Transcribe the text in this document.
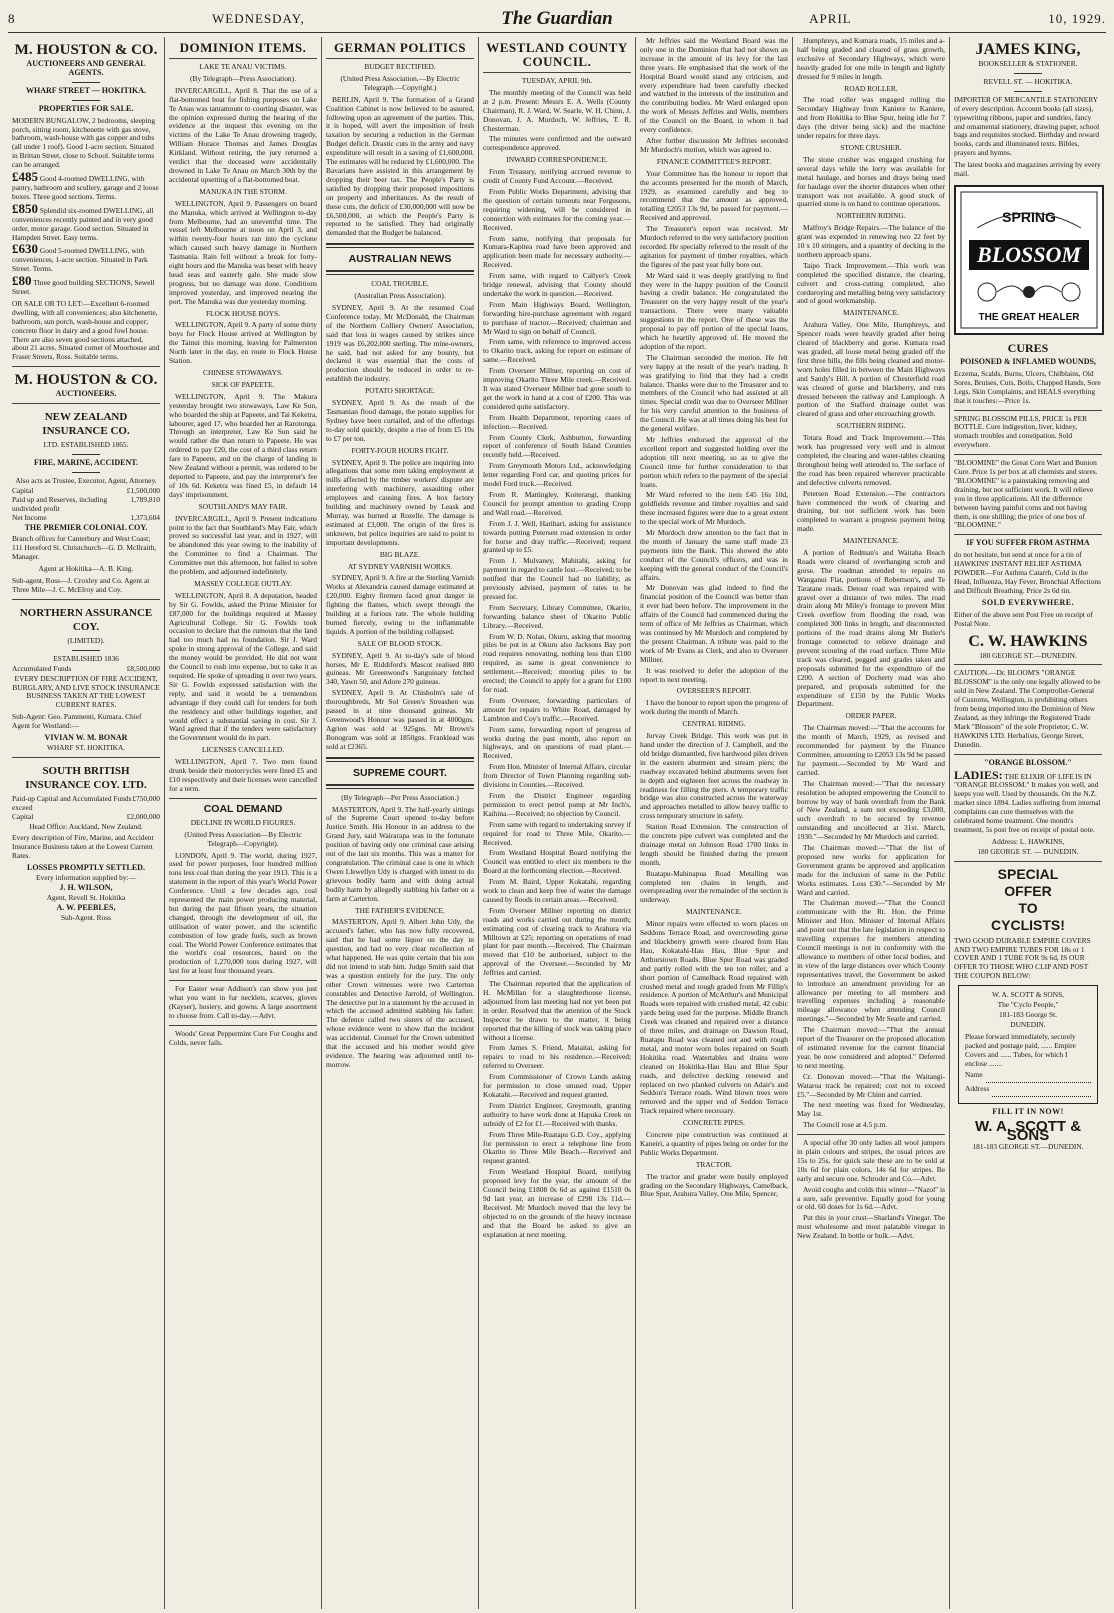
8	WEDNESDAY,	The Guardian	APRIL	10, 1929.
M. HOUSTON & CO.
AUCTIONEERS AND GENERAL AGENTS.
WHARF STREET — HOKITIKA.
PROPERTIES FOR SALE.

MODERN BUNGALOW, 2 bedrooms, sleeping porch, sitting room, kitchenette with gas stove, bathroom, wash-house with gas copper and tubs (all under 1 roof). Good 1-acre section. Situated in Brittan Street, close to School. Suitable terms can be arranged.

£485 Good 4-roomed DWELLING, with pantry, bathroom and scullery, garage and 2 loose boxes. Three good sections. Terms.

£850 Splendid six-roomed DWELLING, all conveniences recently painted and in very good order, motor garage. Good section. Situated in Hampden Street. Easy terms.

£630 Good 5-roomed DWELLING, with conveniences, 1-acre section. Situated in Park Street. Terms.

£80 Three good building SECTIONS, Sewell Street.

OR SALE OR TO LET:—Excellent 6-roomed dwelling, with all conveniences; also kitchenette, bathroom, sun porch, wash-house and copper; concrete floor in dairy and a good fowl house. There are also seven good sections attached, about 21 acres. Situated corner of Moorhouse and Fraser Streets, Ross. Suitable terms.

M. HOUSTON & CO.
AUCTIONEERS.
NEW ZEALAND INSURANCE CO.
LTD. ESTABLISHED 1865.
FIRE, MARINE, ACCIDENT.
Also acts as Trustee, Executor, Agent, Attorney.
Capital	£1,500,000
Paid up and Reserves, including undivided profit
1,789,810
Net Income	1,373,604
THE PREMIER COLONIAL COY.

Branch offices for Canterbury and West Coast; 111 Hereford St. Christchurch—G. D. McIlraith, Manager.

Agent at Hokitika—A. B. King.

Sub-agent, Ross—J. Croxley and Co. Agent at Three Mile—J. C. McElroy and Coy.

NORTHERN ASSURANCE COY.
(LIMITED).
ESTABLISHED 1836
Accumulated Funds	£8,500,000
EVERY DESCRIPTION OF FIRE ACCIDENT, BURGLARY, AND LIVE STOCK INSURANCE BUSINESS TAKEN AT THE LOWEST CURRENT RATES.

Sub-Agent: Geo. Pammenti, Kumara. Chief Agent for Westland:—

VIVIAN W. M. BONAR
WHARF ST. HOKITIKA.
SOUTH BRITISH INSURANCE COY. LTD.
Paid-up Capital and Accumulated Funds exceed
£750,000
Capital	£2,000,000
Head Office: Auckland, New Zealand.

Every description of Fire, Marine, and Accident Insurance Business taken at the Lowest Current Rates.

LOSSES PROMPTLY SETTLED.
Every information supplied by:—
J. H. WILSON,
Agent, Revell St. Hokitika
A. W. PEEBLES,
Sub-Agent. Ross
DOMINION ITEMS.
LAKE TE ANAU VICTIMS.
(By Telegraph—Press Association).

INVERCARGILL, April 8. That the use of a flat-bottomed boat for fishing purposes on Lake Te Anau was tantamount to courting disaster, was the opinion expressed during the hearing of the evidence at the inquest this evening on the victims of the Lake Te Anau drowning tragedy, William Horace Thomas and James Douglas Kirkland. Without retiring, the jury returned a verdict that the deceased were accidentally drowned in Lake Te Anau on March 30th by the accidental upsetting of a flat-bottomed boat.

MANUKA IN THE STORM.

WELLINGTON, April 9. Passengers on board the Manuka, which arrived at Wellington to-day from Melbourne, had an uneventful time. The vessel left Melbourne at noon on April 3, and within twenty-four hours ran into the cyclone which caused such heavy damage in Northern Tasmania. Rain fell without a break for forty-eight hours and the Manuka was beset with heavy head seas and easterly gale. She made slow progress, but no damage was done. Conditions improved yesterday, and improved nearing the port. The Manuka was due yesterday morning.

FLOCK HOUSE BOYS.

WELLINGTON, April 9. A party of some thirty boys for Flock House arrived at Wellington by the Tainui this morning, leaving for Palmerston North later in the day, en route to Flock House Station.

CHINESE STOWAWAYS.
SICK OF PAPEETE.

WELLINGTON, April 9. The Makura yesterday brought two stowaways, Law Ke Sun, who boarded the ship at Papeete, and Tai Keketra, labourer, aged 17, who boarded her at Rarotonga. Through an interpreter, Law Ke Sun said he would rather die than return to Papeete. He was ordered to pay £20, the cost of a third class return fare to Papeete, and on the charge of landing in New Zealand without a permit, was ordered to be deported to Papeete, and pay the interpreter's fee of 10s 6d. Keketra was fined £5, in default 14 days' imprisonment.

SOUTHLAND'S MAY FAIR.

INVERCARGILL, April 9. Present indications point to the fact that Southland's May Fair, which proved so successful last year, and in 1927, will be abandoned this year owing to the inability of the Committee to find a Chairman. The Committee met this afternoon, but failed to solve the problem, and adjourned indefinitely.

MASSEY COLLEGE OUTLAY.

WELLINGTON, April 8. A deputation, headed by Sir G. Fowlds, asked the Prime Minister for £87,000 for the buildings required at Massey Agricultural College. Sir G. Fowlds took occasion to declare that the rumours that the land had too much had no foundation. Sir J. Ward spoke in strong approval of the College, and said the money would be provided. He did not want the Council to rush into expense, but to take it as required. He spoke of spreading it over two years. Sir G. Fowlds expressed satisfaction with the reply, and said it would be a tremendous advantage if they could call for tenders for both the residency and other buildings together, and would effect a substantial saving in cost. Sir J. Ward agreed that if the tenders were satisfactory the Government would do its part.

LICENSES CANCELLED.

WELLINGTON, April 7. Two men found drunk beside their motorcycles were fined £5 and £10 respectively and their licenses were cancelled for a term.

COAL DEMAND
DECLINE IN WORLD FIGURES.
(United Press Association—By Electric Telegraph—Copyright).

LONDON, April 9. The world, during 1927, used for power purposes, four hundred million tons less coal than during the year 1913. This is a statement in the report of this year's World Power Conference. Until a few decades ago, coal represented the main power producing material, but during the past fifteen years, the situation changed, through the development of oil, the utilisation of water power, and the scientific combustion of low grade fuels, such as brown coal. The World Power Conference estimates that the world's coal resources, based on the production of 1,270,000 tons during 1927, will last for at least four thousand years.

For Easter wear Addison's can show you just what you want in fur necklets, scarves, gloves (Kayser), hosiery, and gowns. A large assortment to choose from. Call to-day.—Advt.

Woods' Great Peppermint Cure For Coughs and Colds, never fails.

GERMAN POLITICS
BUDGET RECTIFIED.
(United Press Association.—By Electric Telegraph.—Copyright.)

BERLIN, April 9. The formation of a Grand Coalition Cabinet is now believed to be assured, following upon an agreement of the parties. This, it is hoped, will avert the imposition of fresh taxation by securing a reduction in the German Budget deficit. Drastic cuts in the army and navy expenditure will result in a saving of £1,600,000. The estimates will be reduced by £1,600,000. The Bavarians have assisted in this arrangement by dropping their beer tax. The People's Party is satisfied by dropping their proposed impositions on property and inheritances. As the result of these cuts, the deficit of £30,000,000 will now be £6,500,000, at which the People's Party is reported to be satisfied. They had originally demanded that the Budget be balanced.

AUSTRALIAN NEWS
COAL TROUBLE.
(Australian Press Association).

SYDNEY, April 9. At the resumed Coal Conference today, Mr McDonald, the Chairman of the Northern Colliery Owners' Association, said that loss in wages caused by strikes since 1919 was £6,202,000 sterling. The mine-owners, he said, had not asked for any bounty, but declared it was essential that the costs of production should be reduced in order to re-establish the industry.

POTATO SHORTAGE.

SYDNEY, April 9. As the result of the Tasmanian flood damage, the potato supplies for Sydney have been curtailed, and of the offerings to-day sold quickly, despite a rise of from £5 10s to £7 per ton.

FORTY-FOUR HOURS FIGHT.

SYDNEY, April 9. The police are inquiring into allegations that some men taking employment at mills affected by the timber workers' dispute are interfering with machinery, assaulting other employees and causing fires. A box factory building and machinery owned by Leask and Murray, was burned at Rozelle. The damage is estimated at £3,000. The origin of the fires is unknown, but police inquiries are said to point to important developments.

BIG BLAZE.
AT SYDNEY VARNISH WORKS.

SYDNEY, April 9. A fire at the Sterling Varnish Works at Alexandria caused damage estimated at £20,000. Eighty firemen faced great danger in fighting the flames, which swept through the building at a furious rate. The whole building burned fiercely, owing to the inflammable liquids. A portion of the building collapsed.

SALE OF BLOOD STOCK.

SYDNEY, April 9. At to-day's sale of blood horses, Mr E. Riddiford's Mascot realised 880 guineas. Mr Greenwood's Sanguinary fetched 340, Yawn 50, and Adore 270 guineas.

SYDNEY, April 9. At Chisholm's sale of thoroughbreds, Mr Sol Green's Streashen was passed in at nine thousand guineas. Mr Greenwood's Honour was passed in at 4000gns. Agrion was sold at 925gns. Mr Brown's Bonogram was sold at 1850gns. Franklead was sold at £2365.

SUPREME COURT.
(By Telegraph—Per Press Association.)

MASTERTON, April 9. The half-yearly sittings of the Supreme Court opened to-day before Justice Smith. His Honour in an address to the Grand Jury, said Wairarapa was in the fortunate position of having only one criminal case arising out of the last six months. This was a matter for congratulation. The criminal case is one in which Owen Llewellyn Udy is charged with intent to do grievous bodily harm and with doing actual bodily harm by allegedly stabbing his father on a farm at Carterton.

THE FATHER'S EVIDENCE.

MASTERTON, April 9. Albert John Udy, the accused's father, who has now fully recovered, said that he had some liquor on the day in question, and had no very clear recollection of what happened. He was quite certain that his son did not intend to stab him. Judge Smith said that was a question entirely for the jury. The only other Crown witnesses were two Carterton constables and Detective Jarrold, of Wellington. The detective put in a statement by the accused in which the accused admitted stabbing his father. The defence called two sisters of the accused, whose evidence went to show that the incident was accidental. Counsel for the Crown submitted that the accused and his mother would give evidence. The hearing was adjourned until to-morrow.

WESTLAND COUNTY COUNCIL.
TUESDAY, APRIL 9th.

The monthly meeting of the Council was held at 2 p.m. Present: Messrs E. A. Wells (County Chairman), R. J. Ward, W. Searle, W. H. Chinn, J. Donovan, J. A. Murdoch, W. Jeffries, T. R. Chesterman.

The minutes were confirmed and the outward correspondence approved.

INWARD CORRESPONDENCE.

From Treasury, notifying accrued revenue to credit of County Fund Account.—Received.

From Public Works Department, advising that the question of certain turnouts near Fergusons, requiring widening, will be considered in connection with estimates for the coming year.—Received.

From same, notifying that proposals for Kumara-Kapitea road have been approved and application been made for necessary authority.—Received.

From same, with regard to Callyer's Creek bridge renewal, advising that County should undertake the work in question.—Received.

From Main Highways Board, Wellington, forwarding hire-purchase agreement with regard to purchase of tractor.—Received; chairman and Mr Ward to sign on behalf of Council.

From same, with reference to improved access to Okarito track, asking for report on estimate of same.—Received.

From Overseer Millner, reporting on cost of improving Okarito Three Mile creek.—Received. It was stated Overseer Millner had gone south to get the work in hand at a cost of £200. This was considered quite satisfactory.

From Health Department, reporting cases of infection.—Received.

From County Clerk, Ashburton, forwarding report of conference of South Island Counties recently held.—Received.

From Greymouth Motors Ltd., acknowledging letter regarding Ford car, and quoting prices for model Ford truck.—Received.

From R. Mattingley, Koiterangi, thanking Council for prompt attention to grading Cropp and Wall road.—Received.

From J. J. Well, Harihari, asking for assistance towards putting Petersen road extension in order for horse and dray traffic.—Received; request granted up to £5.

From J. Mulvaney, Mahitahi, asking for payment in regard to cattle lost.—Received; to be notified that the Council had no liability, as previously advised, payment of rates to be pressed for.

From Secretary, Library Committee, Okarito, forwarding balance sheet of Okarito Public Library.—Received.

From W. D. Nolan, Okuru, asking that mooring piles be put in at Okuru also Jacksons Bay port road requires renovating, nothing less than £100 required, as same is great convenience to settlement.—Received; mooring piles to be erected; the Council to apply for a grant for £100 for road.

From Overseer, forwarding particulars of amount for repairs to White Road, damaged by Lambton and Coy's traffic.—Received.

From same, forwarding report of progress of works during the past month, also report on highways, and on questions of road plant.—Received.

From Hon. Minister of Internal Affairs, circular from Director of Town Planning regarding sub-divisions in Counties.—Received.

From the District Engineer regarding permission to erect petrol pump at Mr Inch's, Kaihina.—Received; no objection by Council.

From same with regard to undertaking survey if required for road to Three Mile, Okarito.—Received.

From Westland Hospital Board notifying the Council was entitled to elect six members to the Board at the forthcoming election.—Received.

From M. Baird, Upper Kokatahi, regarding work to clean and keep free of water the damage caused by floods in certain areas.—Received.

From Overseer Millner reporting on district roads and works carried out during the month; estimating cost of clearing track to Arahura via Milltown at £25; reporting on operations of road plant for past month.—Received. The Chairman moved that £10 be authorised, subject to the approval of the Overseer.—Seconded by Mr Jeffries and carried.

The Chairman reported that the application of H. McMillan for a slaughterhouse license, adjourned from last meeting had not yet been put in order. Resolved that the attention of the Stock Inspector be drawn to the matter, it being reported that the killing of stock was taking place without a license.

From James S. Friend, Mataitai, asking for repairs to road to his residence.—Received; referred to Overseer.

From Commissioner of Crown Lands asking for permission to close unused road, Upper Kokatahi.—Received and request granted.

From District Engineer, Greymouth, granting authority to have work done at Hapuka Creek on subsidy of £2 for £1.—Received with thanks.

From Three Mile-Ruatapu G.D. Coy., applying for permission to erect a telephone line from Okarito to Three Mile Beach.—Received and request granted.

From Westland Hospital Board, notifying proposed levy for the year, the amount of the Council being £1808 0s 6d as against £1510 0s 9d last year, an increase of £298 13s 11d.—Received. Mr Murdoch moved that the levy be objected to on the grounds of the heavy increase and that the Board be asked to give an explanation at next meeting.

Mr Jeffries said the Westland Board was the only one in the Dominion that had not shown an increase in the amount of its levy for the last three years. He emphasised that the work of the Hospital Board would stand any criticism, and every expenditure had been carefully checked and watched in the interests of the institution and the contributing bodies. Mr Ward enlarged upon the work of Messrs Jeffries and Wells, members of the Council on the Board, in whom it had every confidence.

After further discussion Mr Jeffries seconded Mr Murdoch's motion, which was agreed to.

FINANCE COMMITTEE'S REPORT.

Your Committee has the honour to report that the accounts presented for the month of March, 1929, as examined carefully and beg to recommend that the amount as approved, totalling £2053 13s 9d, be passed for payment.—Received and approved.

The Treasurer's report was received. Mr Murdoch referred to the very satisfactory position recorded. He specially referred to the result of the agitation for payment of timber royalties, which the figures of the past year fully bore out.

Mr Ward said it was deeply gratifying to find they were in the happy position of the Council having a credit balance. He congratulated the Treasurer on the very happy result of the year's transactions. There were many valuable suggestions in the report. One of these was the proposal to pay off portion of the special loans, which he heartily approved of. He moved the adoption of the report.

The Chairman seconded the motion. He felt very happy at the result of the year's trading. It was gratifying to find that they had a credit balance. Thanks were due to the Treasurer and to members of the Council who had assisted at all times. Special credit was due to Overseer Millner for his very careful attention to the business of the Council. He was at all times doing his best for the general welfare.

Mr Jeffries endorsed the approval of the excellent report and suggested holding over the adoption till next meeting, so as to give the Council time for further consideration to that portion which refers to the payment of the special loans.

Mr Ward referred to the item £45 16s 10d, goldfields revenue and timber royalties and said these increased figures were due to a great extent to the special work of Mr Murdoch.

Mr Murdoch drew attention to the fact that in the month of January the same staff made 23 payments into the Bank. This showed the able conduct of the Council's officers, and was in keeping with the general conduct of the Council's affairs.

Mr Donovan was glad indeed to find the financial position of the Council was better than it ever had been before. The improvement in the affairs of the Council had commenced during the term of office of Mr Jeffries as Chairman, which was continued by Mr Murdoch and completed by the present Chairman. A tribute was paid to the work of Mr Evans as Clerk, and also to Overseer Millner.

It was resolved to defer the adoption of the report to next meeting.

OVERSEER'S REPORT.

I have the honour to report upon the progress of work during the month of March.

CENTRAL RIDING.

Jurvay Creek Bridge. This work was put in hand under the direction of J. Campbell, and the old bridge dismantled, five hardwood piles driven in the eastern abutment and stream piers; the roadway excavated behind abutments seven feet in depth and eighteen feet across the roadway in readiness for filling the piers. A temporary traffic bridge was also constructed across the waterway and approaches metalled to allow heavy traffic to cross temporary structure in safety.

Station Road Extension. The construction of the concrete pipe culvert was completed and the drainage metal on Johnson Road 1700 links in length should be finished during the present month.

Ruatapu-Mahinapua Road Metalling was completed ten chains in length, and overspreading over the remainder of the section is underway.

MAINTENANCE.

Minor repairs were effected to worn places on Seddons Terrace Road, and overcrowding gorse and blackberry growth were cleared from Hau Hau, Kokatahi-Hau Hau, Blue Spur and Arthurstown Roads. Blue Spur Road was graded and partly rolled with the ten ton roller, and a short portion of Camelback Road repaired with crushed metal and rough graded from Mr Fillip's residence. A portion of McArthur's and Municipal Roads were repaired with crushed metal, 42 cubic yards being used for the purpose. Middle Branch Creek was cleaned and repaired over a distance of three miles, and drainage on Dawson Road, Ruatapu Road was cleaned out and with rough metal, and motor worn holes repaired on South Hokitika road. Watertables and drains were cleaned on Hokitika-Hau Hau and Blue Spur roads, and defective decking renewed and replaced on two planked culverts on Adair's and Seddon's Terrace roads. Wind blown trees were removed and the upper end of Seddon Terrace Track repaired where necessary.

CONCRETE PIPES.

Concrete pipe construction was continued at Kaneiri, a quantity of pipes being on order for the Public Works Department.

TRACTOR.

The tractor and grader were busily employed grading on the Secondary Highways, Camelback, Blue Spur, Arahura Valley, One Mile, Spencer,

Humphreys, and Kumara roads, 15 miles and a-half being graded and cleared of grass growth, exclusive of Secondary Highways, which were heavily graded for one mile in length and lightly dressed for 9 miles in length.

ROAD ROLLER.

The road roller was engaged rolling the Secondary Highway from Kaniere to Kaniere, and from Hokitika to Blue Spur, being idle for 7 days (the driver being sick) and the machine under repairs for three days.

STONE CRUSHER.

The stone crusher was engaged crushing for several days while the lorry was available for metal haulage, and horses and drays being used for haulage over the shorter distances when other transport was not available. A good stock of quarried stone is on hand to continue operations.

NORTHERN RIDING.

Malfroy's Bridge Repairs.—The balance of the grant was expended in renewing two 22 feet by 10 x 10 stringers, and a quantity of decking in the northern approach spans.

Taipo Track Improvement.—This work was completed the specified distance, the clearing, culvert and cross-cutting completed, also corduroying and metalling being very satisfactory and of good workmanship.

MAINTENANCE.

Arahura Valley, One Mile, Humphreys, and Spencer roads were heavily graded after being cleared of blackberry and gorse. Kumara road was graded, all loose metal being graded off the first three hills, the fills being cleaned and motor-worn holes filled in between the Main Highways and Sandy's Hill. A portion of Chesterfield road was cleared of gorse and blackberry, and ruts dressed between the railway and Lamplough. A portion of the Stafford drainage outlet was cleared of grass and other encroaching growth.

SOUTHERN RIDING.

Totara Road and Track Improvement.—This work has progressed very well and is almost completed, the clearing and water-tables cleaning throughout being well attended to. The surface of the road has been repaired wherever practicable and defective culverts removed.

Petersen Road Extension.—The contractors have commenced the work of clearing and draining, but not sufficient work has been completed to warrant a progress payment being made.

MAINTENANCE.

A portion of Redman's and Waitaha Beach Roads were cleared of overhanging scrub and gorse. The roadman attended to repairs on Wanganui Flat, portions of Robertson's, and Te Taratane roads. Detour road was repaired with gravel over a distance of two miles. The road drain along Mr Miley's frontage to prevent Mint Creek overflow from flooding the road, was completed 300 links in length, and disconnected portions of the road drains along Mr Butler's frontage connected to relieve drainage and prevent scouring of the road surface. Three Mile track was cleared, pegged and grades taken and proposals submitted for the expenditure of the £200. A section of Docherty road was also prepared, and proposals submitted for the expenditure of £150 by the Public Works Department.

ORDER PAPER.

The Chairman moved:—"That the accounts for the month of March, 1929, as revised and recommended for payment by the Finance Committee, amounting to £2053 13s 9d be passed for payment.—Seconded by Mr Ward and carried.

The Chairman moved:—"That the necessary resolution be adopted empowering the Council to borrow by way of bank overdraft from the Bank of New Zealand, a sum not exceeding £3,000, such overdraft to be secured by revenue outstanding and uncollected at 31st. March, 1930."—Seconded by Mr Murdoch and carried.

The Chairman moved:—"That the list of proposed new works for application for Government grants be approved and application made for the inclusion of same in the Public Works estimates. Loss £30."—Seconded by Mr Ward and carried.

The Chairman moved:—"That the Council communicate with the Rt. Hon. the Prime Minister and Hon. Minister of Internal Affairs and point out that the late legislation in respect to travelling expenses for members attending Council meetings is not in conformity with the allowance to members of other local bodies, and in view of the large distances over which County representatives travel, the Government be asked to introduce an amendment providing for an allowance per meeting to all members and travelling expenses including a reasonable mileage allowance when attending Council meetings."—Seconded by Mr Searle and carried.

The Chairman moved:—"That the annual report of the Treasurer on the proposed allocation of estimated revenue for the current financial year, be now considered and adopted." Deferred to next meeting.

Cr. Donovan moved:—"That the Waitangi-Wataroa track be repaired; cost not to exceed £5."—Seconded by Mr Chinn and carried.

The next meeting was fixed for Wednesday, May 1st.

The Council rose at 4.5 p.m.

A special offer 30 only ladies all wool jumpers in plain colours and stripes, the usual prices are 15s to 25s, for quick sale these are to be sold at 10s 6d for plain colors, 14s 6d for stripes. Be early and secure one. Schroder and Co.—Advt.

Avoid coughs and colds this winter—"Nazol" is a sure, safe preventive. Equally good for young or old. 60 doses for 1s 6d.—Advt.

Put this in your crust—Sharland's Vinegar. The most wholesome and most palatable vinegar in New Zealand. In bottle or bulk.—Advt.

JAMES KING,
BOOKSELLER & STATIONER.
REVELL ST. — HOKITIKA.

IMPORTER OF MERCANTILE STATIONERY of every description. Account books (all sizes), typewriting ribbons, paper and sundries, fancy and ornamental stationery, drawing paper, school bags and requisites stocked. Birthday and reward books, cards and illuminated texts. Bibles, prayers and hymns.

The latest books and magazines arriving by every mail.

SPRING
BLOSSOM
THE GREAT HEALER
CURES
POISONED & INFLAMED WOUNDS,

Eczema, Scalds, Burns, Ulcers, Chilblains, Old Sores, Bruises, Cuts, Boils, Chapped Hands, Sore Legs, Skin Complaints, and HEALS everything that it touches:—Price 1s.

SPRING BLOSSOM PILLS, PRICE 1s PER BOTTLE. Cure indigestion, liver, kidney, stomach troubles and constipation. Sold everywhere.

"BLOOMINE" the Great Corn Wart and Bunion Cure. Price 1s per box at all chemists and stores. "BLOOMINE" is a painstaking removing and draining, but not sufficient work. It will relieve you in three applications. All the difference between having painful corns and not having them, is one shilling; the price of one box of "BLOOMINE."

IF YOU SUFFER FROM ASTHMA

do not hesitate, but send at once for a tin of HAWKINS' INSTANT RELIEF ASTHMA POWDER—For Asthma Catarrh, Cold in the Head, Influenza, Hay Fever, Bronchial Affections and Difficult Breathing. Price 2s 6d tin.

SOLD EVERYWHERE.

Either of the above sent Post Free on receipt of Postal Note.

C. W. HAWKINS
180 GEORGE ST.—DUNEDIN.

CAUTION.—Dr. BLOOM'S "ORANGE BLOSSOM" is the only one legally allowed to be sold in New Zealand. The Comptroller-General of Customs, Wellington, is prohibiting others from being imported into the Dominion of New Zealand, as they infringe the Registered Trade Mark "Blossom" of the sole Proprietor, C. W. HAWKINS LTD. Herbalists, George Street, Dunedin.

"ORANGE BLOSSOM."

LADIES: THE ELIXIR OF LIFE IS IN "ORANGE BLOSSOM." It makes you well, and keeps you well. Used by thousands. On the N.Z. market since 1894. Ladies suffering from internal complaints can cure themselves with the celebrated home treatment. One month's treatment, 5s post free on receipt of postal note.

Address: L. HAWKINS,
180 GEORGE ST. — DUNEDIN.
SPECIAL
OFFER
TO
CYCLISTS!

TWO GOOD DURABLE EMPIRE COVERS AND TWO EMPIRE TUBES FOR 18s or 1 COVER AND 1 TUBE FOR 9s 6d, IS OUR OFFER TO THOSE WHO CLIP AND POST THE COUPON BELOW:

W. A. SCOTT & SONS,
The "Cyclo People,"
181-183 George St.
DUNEDIN.

Please forward immediately, securely packed and postage paid, ...... Empire Covers and ...... Tubes, for which I enclose .......

Name
Address
FILL IT IN NOW!
W. A. SCOTT & SONS
181-183 GEORGE ST.—DUNEDIN.
